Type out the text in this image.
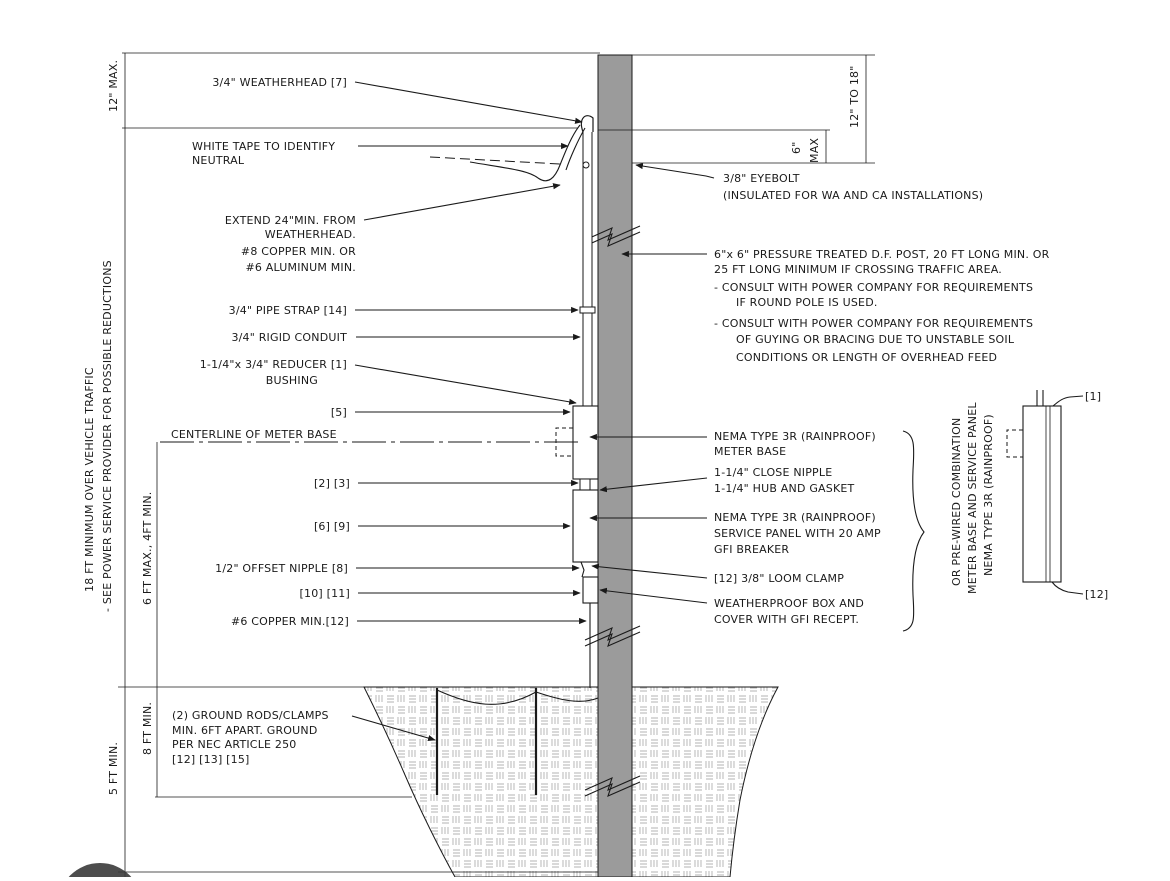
12" MAX.	12" TO 18"
6" MAX
18 FT MINIMUM OVER VEHICLE TRAFFIC - SEE POWER SERVICE PROVIDER FOR POSSIBLE REDUCTIONS 6 FT MAX., 4FT MIN.
8 FT MIN.
5 FT MIN.
3/4" WEATHERHEAD [7]
WHITE TAPE TO IDENTIFY
NEUTRAL
EXTEND 24"MIN. FROM
WEATHERHEAD.
#8 COPPER MIN. OR
#6 ALUMINUM MIN.
3/4" PIPE STRAP [14]
3/4" RIGID CONDUIT
1-1/4"x 3/4" REDUCER [1]
BUSHING
[5]
CENTERLINE OF METER BASE
[2] [3]
[6] [9]
1/2" OFFSET NIPPLE [8]
[10] [11]
#6 COPPER MIN.[12]
(2) GROUND RODS/CLAMPS
MIN. 6FT APART. GROUND
PER NEC ARTICLE 250
[12] [13] [15]
3/8" EYEBOLT
(INSULATED FOR WA AND CA INSTALLATIONS)
6"x 6" PRESSURE TREATED D.F. POST, 20 FT LONG MIN. OR
25 FT LONG MINIMUM IF CROSSING TRAFFIC AREA.
- CONSULT WITH POWER COMPANY FOR REQUIREMENTS
IF ROUND POLE IS USED.
- CONSULT WITH POWER COMPANY FOR REQUIREMENTS
OF GUYING OR BRACING DUE TO UNSTABLE SOIL
CONDITIONS OR LENGTH OF OVERHEAD FEED
NEMA TYPE 3R (RAINPROOF)
METER BASE
1-1/4" CLOSE NIPPLE
1-1/4" HUB AND GASKET
NEMA TYPE 3R (RAINPROOF)
SERVICE PANEL WITH 20 AMP
GFI BREAKER
[12] 3/8" LOOM CLAMP
WEATHERPROOF BOX AND
COVER WITH GFI RECEPT.
OR PRE-WIRED COMBINATION METER BASE AND SERVICE PANEL NEMA TYPE 3R (RAINPROOF)
[1]
[12]
